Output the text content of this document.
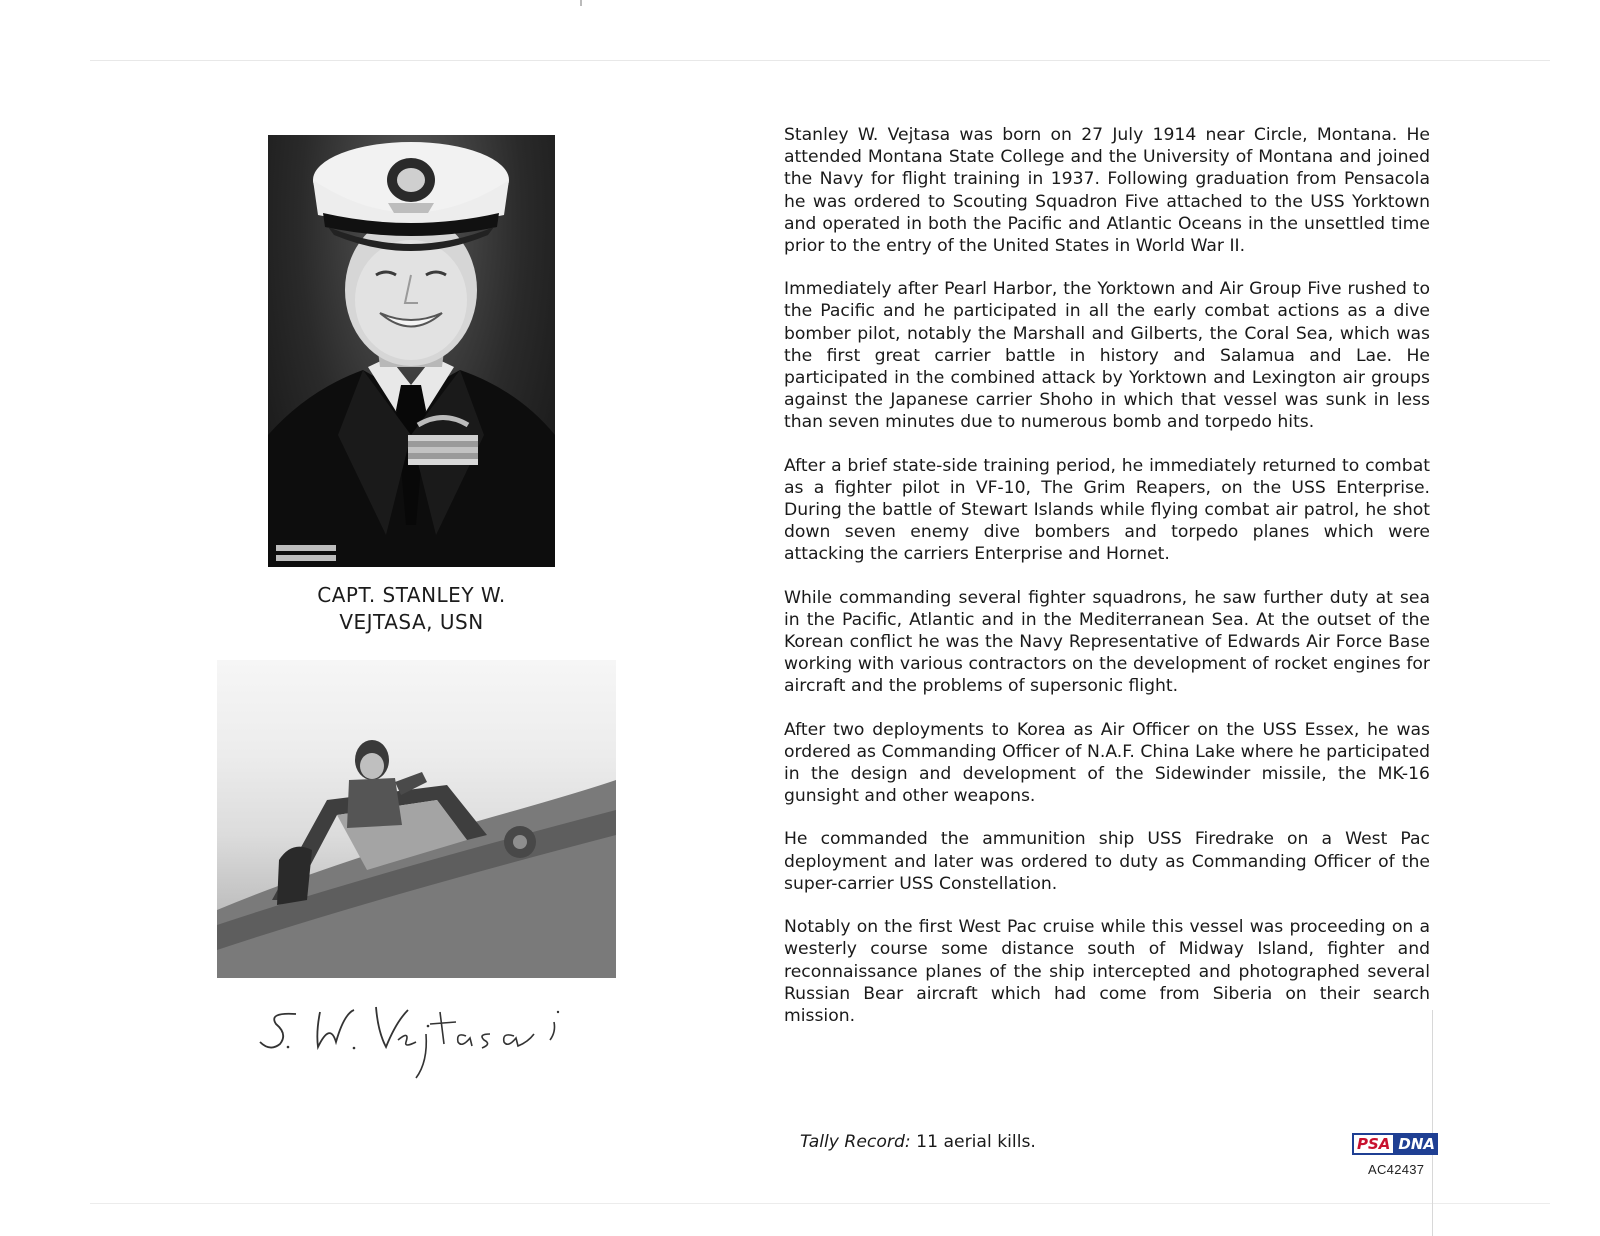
CAPT. STANLEY W.
VEJTASA, USN

Stanley W. Vejtasa was born on 27 July 1914 near Circle, Montana. He attended Montana State College and the University of Montana and joined the Navy for flight training in 1937. Following graduation from Pensacola he was ordered to Scouting Squadron Five attached to the USS Yorktown and operated in both the Pacific and Atlantic Oceans in the unsettled time prior to the entry of the United States in World War II.

Immediately after Pearl Harbor, the Yorktown and Air Group Five rushed to the Pacific and he participated in all the early combat actions as a dive bomber pilot, notably the Marshall and Gilberts, the Coral Sea, which was the first great carrier battle in history and Salamua and Lae. He participated in the combined attack by Yorktown and Lexington air groups against the Japanese carrier Shoho in which that vessel was sunk in less than seven minutes due to numerous bomb and torpedo hits.

After a brief state-side training period, he immediately returned to combat as a fighter pilot in VF-10, The Grim Reapers, on the USS Enterprise. During the battle of Stewart Islands while flying combat air patrol, he shot down seven enemy dive bombers and torpedo planes which were attacking the carriers Enterprise and Hornet.

While commanding several fighter squadrons, he saw further duty at sea in the Pacific, Atlantic and in the Mediterranean Sea. At the outset of the Korean conflict he was the Navy Representative of Edwards Air Force Base working with various contractors on the development of rocket engines for aircraft and the problems of supersonic flight.

After two deployments to Korea as Air Officer on the USS Essex, he was ordered as Commanding Officer of N.A.F. China Lake where he participated in the design and development of the Sidewinder missile, the MK-16 gunsight and other weapons.

He commanded the ammunition ship USS Firedrake on a West Pac deployment and later was ordered to duty as Commanding Officer of the super-carrier USS Constellation.

Notably on the first West Pac cruise while this vessel was proceeding on a westerly course some distance south of Midway Island, fighter and reconnaissance planes of the ship intercepted and photographed several Russian Bear aircraft which had come from Siberia on their search mission.

Tally Record: 11 aerial kills.	PSA DNA
AC42437
